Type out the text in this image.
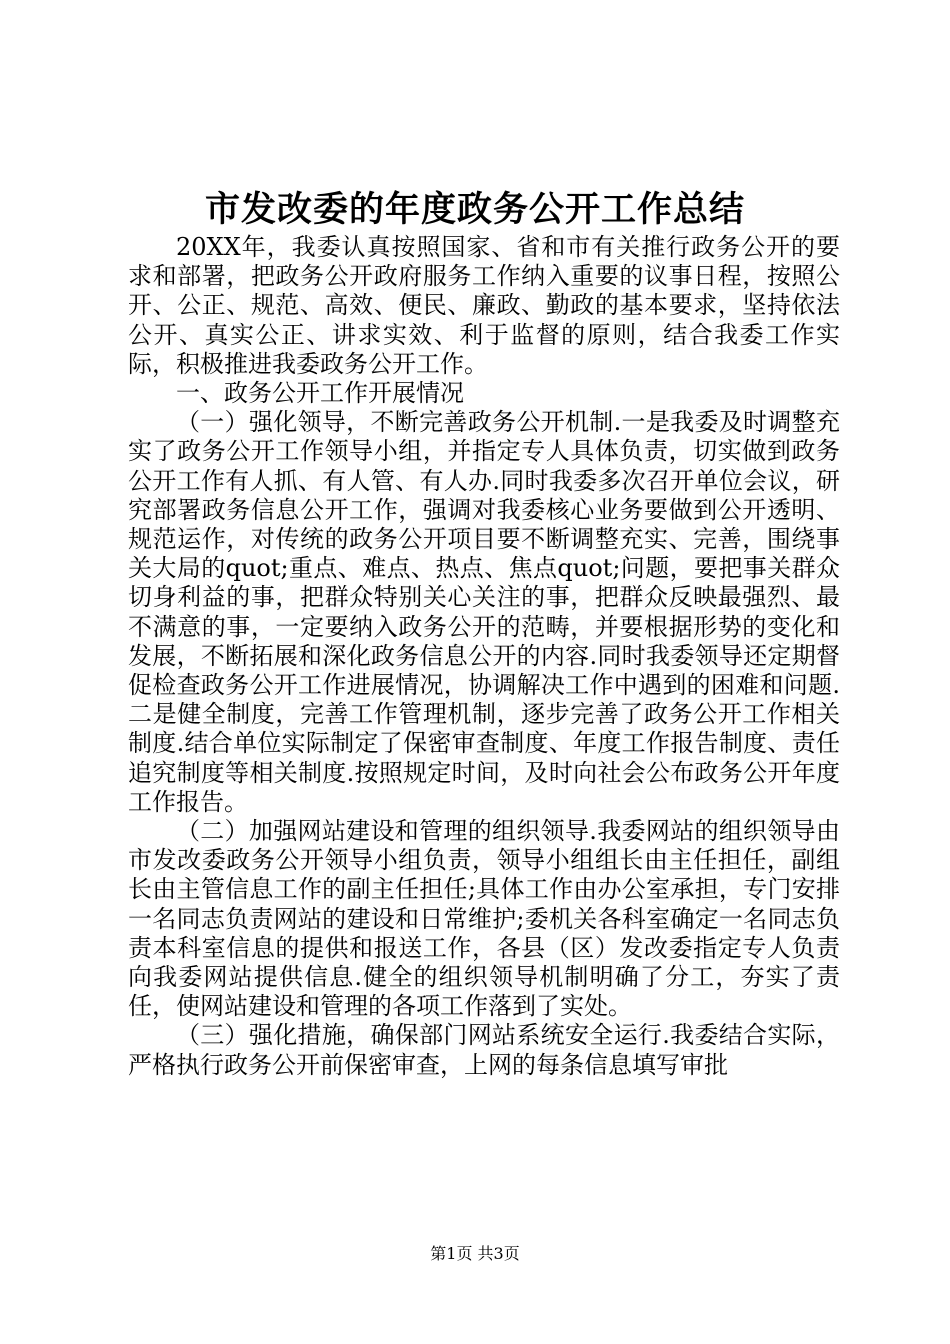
市发改委的年度政务公开工作总结

20XX年，我委认真按照国家、省和市有关推行政务公开的要求和部署，把政务公开政府服务工作纳入重要的议事日程，按照公开、公正、规范、高效、便民、廉政、勤政的基本要求，坚持依法公开、真实公正、讲求实效、利于监督的原则，结合我委工作实际，积极推进我委政务公开工作。

一、政务公开工作开展情况

（一）强化领导，不断完善政务公开机制.一是我委及时调整充实了政务公开工作领导小组，并指定专人具体负责，切实做到政务公开工作有人抓、有人管、有人办.同时我委多次召开单位会议，研究部署政务信息公开工作，强调对我委核心业务要做到公开透明、规范运作，对传统的政务公开项目要不断调整充实、完善，围绕事关大局的quot;重点、难点、热点、焦点quot;问题，要把事关群众切身利益的事，把群众特别关心关注的事，把群众反映最强烈、最不满意的事，一定要纳入政务公开的范畴，并要根据形势的变化和发展，不断拓展和深化政务信息公开的内容.同时我委领导还定期督促检查政务公开工作进展情况，协调解决工作中遇到的困难和问题.二是健全制度，完善工作管理机制，逐步完善了政务公开工作相关制度.结合单位实际制定了保密审查制度、年度工作报告制度、责任追究制度等相关制度.按照规定时间，及时向社会公布政务公开年度工作报告。

（二）加强网站建设和管理的组织领导.我委网站的组织领导由市发改委政务公开领导小组负责，领导小组组长由主任担任，副组长由主管信息工作的副主任担任;具体工作由办公室承担，专门安排一名同志负责网站的建设和日常维护;委机关各科室确定一名同志负责本科室信息的提供和报送工作，各县（区）发改委指定专人负责向我委网站提供信息.健全的组织领导机制明确了分工，夯实了责任，使网站建设和管理的各项工作落到了实处。

（三）强化措施，确保部门网站系统安全运行.我委结合实际，严格执行政务公开前保密审查，上网的每条信息填写审批

第1页 共3页
